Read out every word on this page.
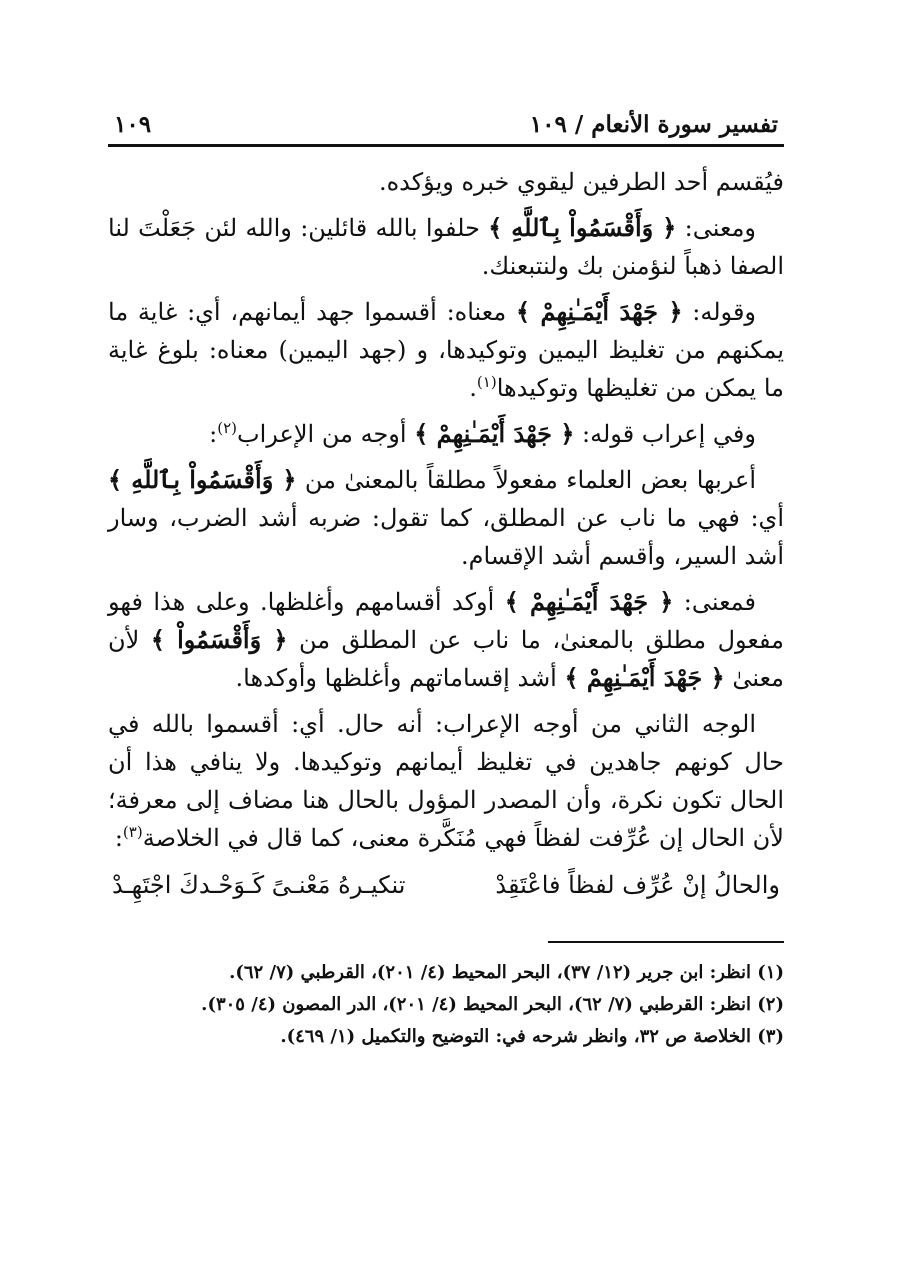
تفسير سورة الأنعام / ١٠٩
١٠٩

فيُقسم أحد الطرفين ليقوي خبره ويؤكده.

ومعنى: ﴿ وَأَقْسَمُواْ بِٱللَّهِ ﴾ حلفوا بالله قائلين: والله لئن جَعَلْتَ لنا الصفا ذهباً لنؤمنن بك ولنتبعنك.

وقوله: ﴿ جَهْدَ أَيْمَـٰنِهِمْ ﴾ معناه: أقسموا جهد أيمانهم، أي: غاية ما يمكنهم من تغليظ اليمين وتوكيدها، و (جهد اليمين) معناه: بلوغ غاية ما يمكن من تغليظها وتوكيدها$^{(١)}$.

وفي إعراب قوله: ﴿ جَهْدَ أَيْمَـٰنِهِمْ ﴾ أوجه من الإعراب$^{(٢)}$:

أعربها بعض العلماء مفعولاً مطلقاً بالمعنىٰ من ﴿ وَأَقْسَمُواْ بِٱللَّهِ ﴾ أي: فهي ما ناب عن المطلق، كما تقول: ضربه أشد الضرب، وسار أشد السير، وأقسم أشد الإقسام.

فمعنى: ﴿ جَهْدَ أَيْمَـٰنِهِمْ ﴾ أوكد أقسامهم وأغلظها. وعلى هذا فهو مفعول مطلق بالمعنىٰ، ما ناب عن المطلق من ﴿ وَأَقْسَمُواْ ﴾ لأن معنىٰ ﴿ جَهْدَ أَيْمَـٰنِهِمْ ﴾ أشد إقساماتهم وأغلظها وأوكدها.

الوجه الثاني من أوجه الإعراب: أنه حال. أي: أقسموا بالله في حال كونهم جاهدين في تغليظ أيمانهم وتوكيدها. ولا ينافي هذا أن الحال تكون نكرة، وأن المصدر المؤول بالحال هنا مضاف إلى معرفة؛ لأن الحال إن عُرِّفت لفظاً فهي مُنَكَّرة معنى، كما قال في الخلاصة$^{(٣)}$:

والحالُ إنْ عُرِّف لفظاً فاعْتَقِدْ
تنكيـرهُ مَعْنـىً كَـوَحْـدكَ اجْتَهِـدْ

(١) انظر: ابن جرير (١٢/ ٣٧)، البحر المحيط (٤/ ٢٠١)، القرطبي (٧/ ٦٢).

(٢) انظر: القرطبي (٧/ ٦٢)، البحر المحيط (٤/ ٢٠١)، الدر المصون (٤/ ٣٠٥).

(٣) الخلاصة ص ٣٢، وانظر شرحه في: التوضيح والتكميل (١/ ٤٦٩).
